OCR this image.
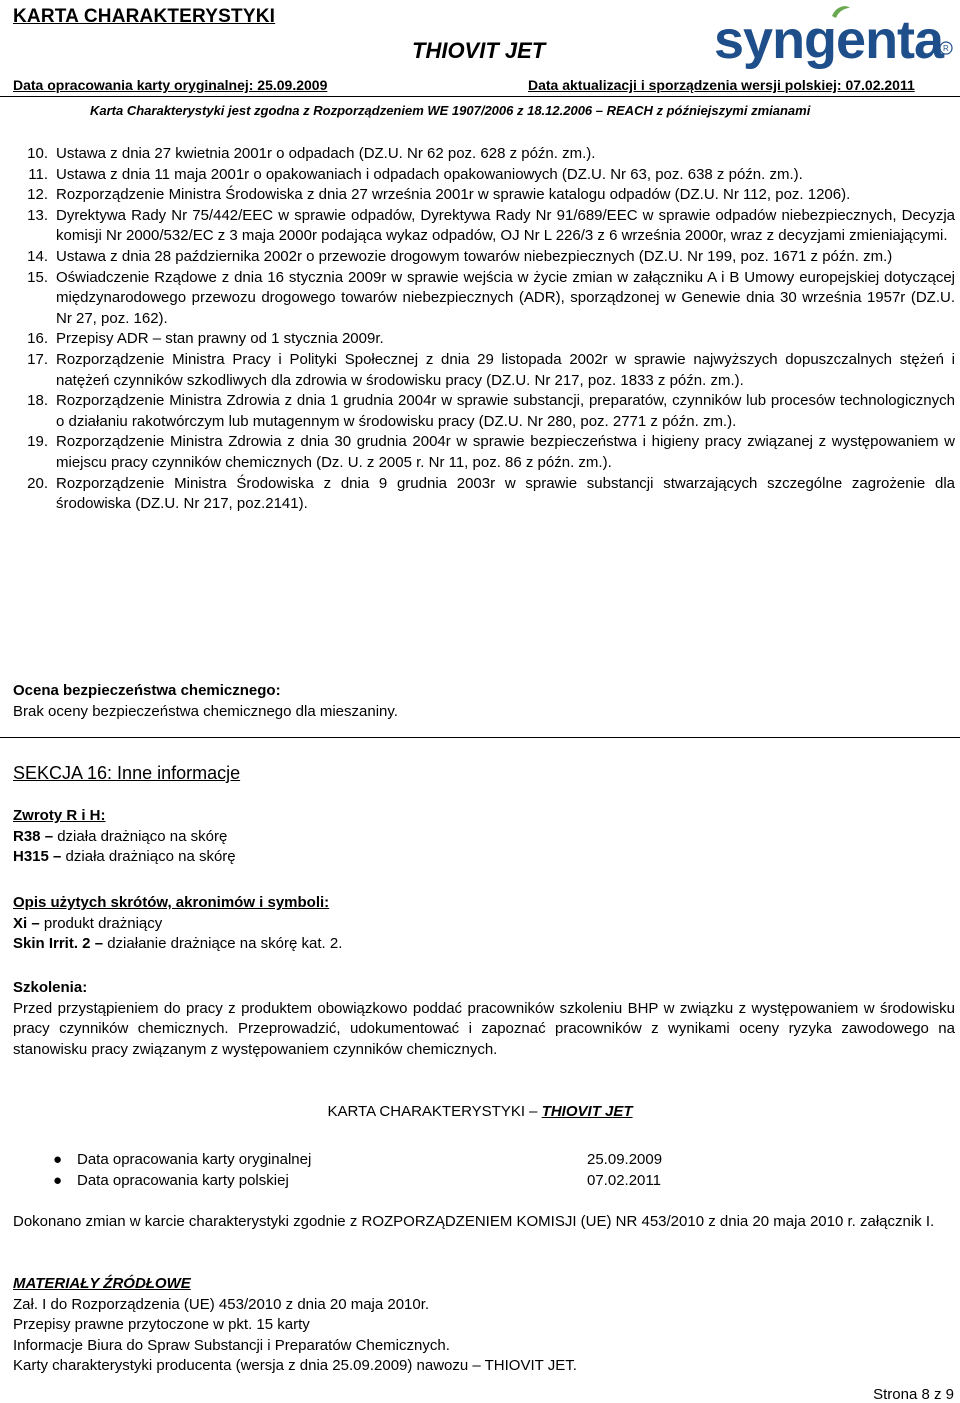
KARTA CHARAKTERYSTYKI
THIOVIT JET	syngenta R
Data opracowania karty oryginalnej: 25.09.2009	Data aktualizacji i sporządzenia wersji polskiej: 07.02.2011
Karta Charakterystyki jest zgodna z Rozporządzeniem WE 1907/2006 z 18.12.2006 – REACH z późniejszymi zmianami
10. Ustawa z dnia 27 kwietnia 2001r o odpadach (DZ.U. Nr 62 poz. 628 z późn. zm.).
11. Ustawa z dnia 11 maja 2001r o opakowaniach i odpadach opakowaniowych (DZ.U. Nr 63, poz. 638 z późn. zm.).
12. Rozporządzenie Ministra Środowiska z dnia 27 września 2001r w sprawie katalogu odpadów (DZ.U. Nr 112, poz. 1206).
13. Dyrektywa Rady Nr 75/442/EEC w sprawie odpadów, Dyrektywa Rady Nr 91/689/EEC w sprawie odpadów niebezpiecznych, Decyzja komisji Nr 2000/532/EC z 3 maja 2000r podająca wykaz odpadów, OJ Nr L 226/3 z 6 września 2000r, wraz z decyzjami zmieniającymi.
14. Ustawa z dnia 28 października 2002r o przewozie drogowym towarów niebezpiecznych (DZ.U. Nr 199, poz. 1671 z późn. zm.)
15. Oświadczenie Rządowe z dnia 16 stycznia 2009r w sprawie wejścia w życie zmian w załączniku A i B Umowy europejskiej dotyczącej międzynarodowego przewozu drogowego towarów niebezpiecznych (ADR), sporządzonej w Genewie dnia 30 września 1957r (DZ.U. Nr 27, poz. 162).
16. Przepisy ADR – stan prawny od 1 stycznia 2009r.
17. Rozporządzenie Ministra Pracy i Polityki Społecznej z dnia 29 listopada 2002r w sprawie najwyższych dopuszczalnych stężeń i natężeń czynników szkodliwych dla zdrowia w środowisku pracy (DZ.U. Nr 217, poz. 1833 z późn. zm.).
18. Rozporządzenie Ministra Zdrowia z dnia 1 grudnia 2004r w sprawie substancji, preparatów, czynników lub procesów technologicznych o działaniu rakotwórczym lub mutagennym w środowisku pracy (DZ.U. Nr 280, poz. 2771 z późn. zm.).
19. Rozporządzenie Ministra Zdrowia z dnia 30 grudnia 2004r w sprawie bezpieczeństwa i higieny pracy związanej z występowaniem w miejscu pracy czynników chemicznych (Dz. U. z 2005 r. Nr 11, poz. 86 z późn. zm.).
20. Rozporządzenie Ministra Środowiska z dnia 9 grudnia 2003r w sprawie substancji stwarzających szczególne zagrożenie dla środowiska (DZ.U. Nr 217, poz.2141).
Ocena bezpieczeństwa chemicznego:
Brak oceny bezpieczeństwa chemicznego dla mieszaniny.
SEKCJA 16: Inne informacje
Zwroty R i H:
R38 – działa drażniąco na skórę
H315 – działa drażniąco na skórę
Opis użytych skrótów, akronimów i symboli:
Xi – produkt drażniący
Skin Irrit. 2 – działanie drażniące na skórę kat. 2.
Szkolenia:
Przed przystąpieniem do pracy z produktem obowiązkowo poddać pracowników szkoleniu BHP w związku z występowaniem w środowisku pracy czynników chemicznych. Przeprowadzić, udokumentować i zapoznać pracowników z wynikami oceny ryzyka zawodowego na stanowisku pracy związanym z występowaniem czynników chemicznych.
KARTA CHARAKTERYSTYKI – THIOVIT JET
● Data opracowania karty oryginalnej	25.09.2009
● Data opracowania karty polskiej	07.02.2011
Dokonano zmian w karcie charakterystyki zgodnie z ROZPORZĄDZENIEM KOMISJI (UE) NR 453/2010 z dnia 20 maja 2010 r. załącznik I.
MATERIAŁY ŹRÓDŁOWE
Zał. I do Rozporządzenia (UE) 453/2010 z dnia 20 maja 2010r.
Przepisy prawne przytoczone w pkt. 15 karty
Informacje Biura do Spraw Substancji i Preparatów Chemicznych.
Karty charakterystyki producenta (wersja z dnia 25.09.2009) nawozu – THIOVIT JET.
Strona 8 z 9
